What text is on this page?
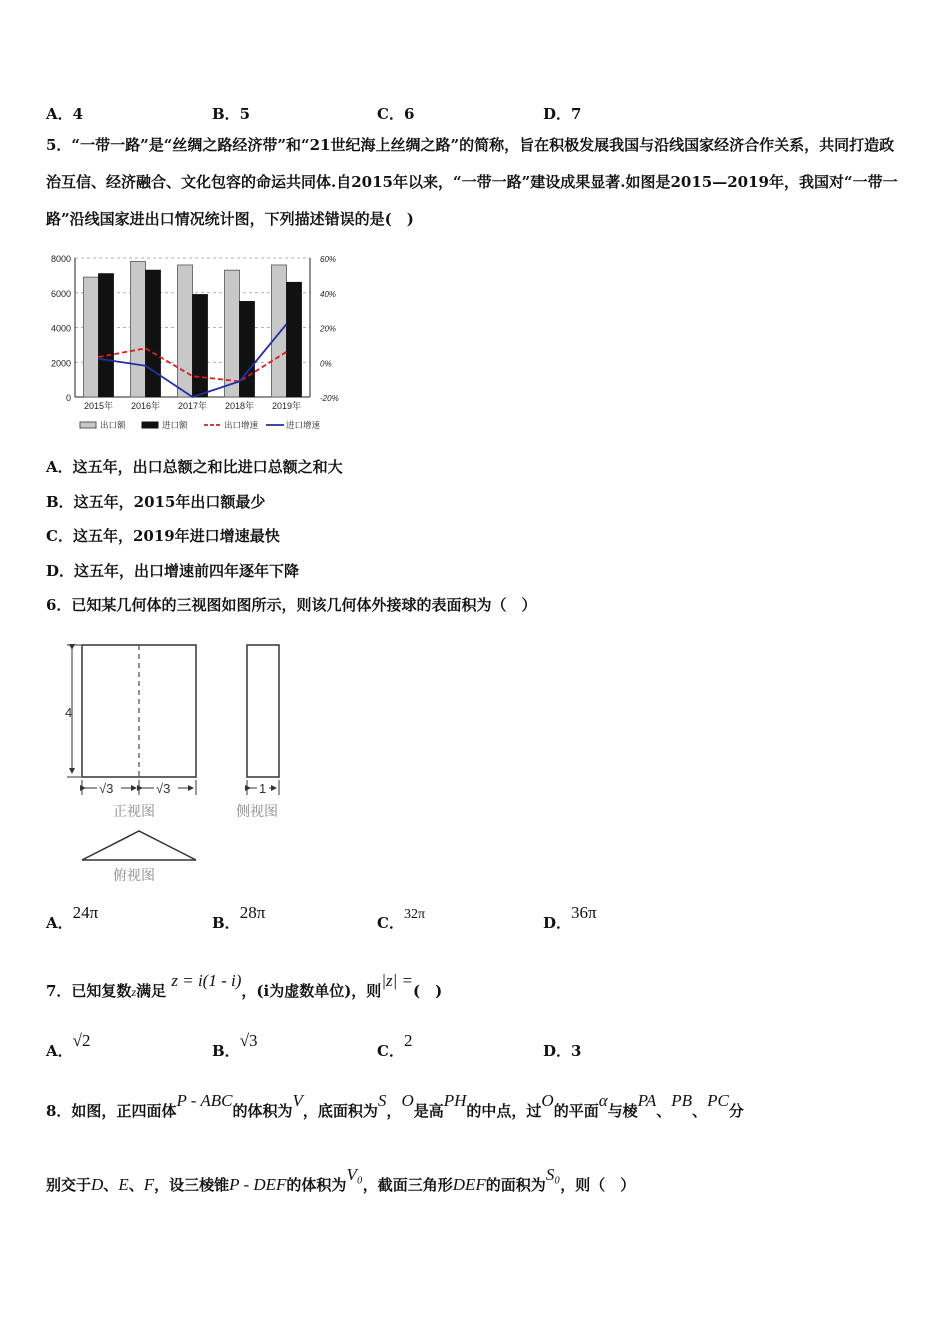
A．4	B．5	C．6	D．7
5．“一带一路”是“丝绸之路经济带”和“21世纪海上丝绸之路”的简称，旨在积极发展我国与沿线国家经济合作关系，共同打造政治互信、经济融合、文化包容的命运共同体.自2015年以来，“一带一路”建设成果显著.如图是2015—2019年，我国对“一带一路”沿线国家进出口情况统计图，下列描述错误的是(　)
0
2000
4000
6000
8000
-20%
0%
20%
40%
60%
2015年 2016年 2017年 2018年 2019年
出口额	进口额	出口增速	进口增速
A．这五年，出口总额之和比进口总额之和大
B．这五年，2015年出口额最少
C．这五年，2019年进口增速最快
D．这五年，出口增速前四年逐年下降
6．已知某几何体的三视图如图所示，则该几何体外接球的表面积为（　）
4
√3	√3
正视图
1
侧视图
俯视图
A．24π
B．28π
C．32π	D．36π
7．已知复数z满足 z = i(1 - i)，(i为虚数单位)，则|z| =(　)
A．√2
B．√3
C．2
D．3
8．如图，正四面体P - ABC的体积为V，底面积为S，O是高PH的中点，过O的平面α与棱PA、PB、PC分
别交于D、E、F，设三棱锥P - DEF的体积为V₀，截面三角形DEF的面积为S₀，则（　）
